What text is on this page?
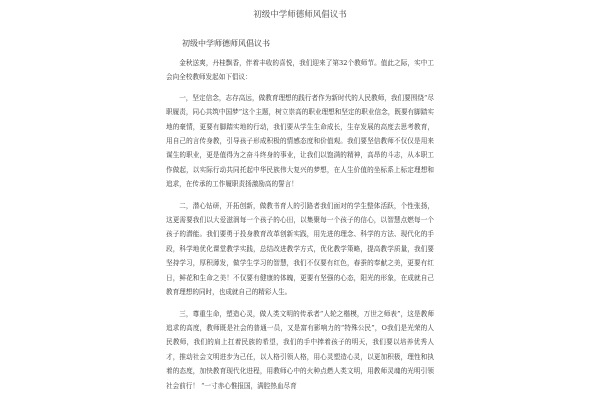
初级中学师德师风倡议书
初级中学师德师风倡议书

金秋送爽，丹桂飘香，伴着丰收的喜悦，我们迎来了第32个教师节。值此之际，实中工会向全校教师发起如下倡议：

一，坚定信念，志存高远，做教育理想的践行者作为新时代的人民教师，我们要围绕“尽职履责，同心共筑中国梦”这个主题，树立崇高的职业理想和坚定的职业信念，既要有脚踏实地的豪情，更要有脚踏实地的行动，我们要从学生生命成长，生存发展的高度去思考教育，用自己的言传身教，引导孩子形成积极的情感态度和价值观。我们要坚信教师不仅仅是用来谋生的职业，更是值得为之奋斗终身的事业，让我们以饱满的精神，高昂的斗志，从本职工作做起，以实际行动共同托起中华民族伟大复兴的梦想，在人生价值的坐标系上标定理想和追求，在传承的工作履职责扬激励高的誓言！

二，潜心钻研，开拓创新，做教书育人的引路者我们面对的学生整体活跃，个性张扬，这更需要我们以大爱滋润每一个孩子的心田，以集聚每一个孩子的信心，以智慧点燃每一个孩子的潜能。我们要勇于投身教育改革创新实践，用先进的理念、科学的方法、现代化的手段，科学地优化课堂教学实践，总结改进教学方式，优化教学策略，提高教学质量，我们要坚持学习，厚积薄发，做学生学习的智慧，我们不仅要有红色，春蚕的奉献之美，更要有红日，鲜花和生命之美！不仅要有健康的体魄，更要有坚强的心态，阳光的形象，在成就自己教育理想的同时，也成就自己的精彩人生。

三，尊重生命，塑造心灵，做人类文明的传承者“人轮之楷模，万世之师表”，这是教师追求的高度，教师既是社会的普通一员，又是富有影响力的“特殊公民”，O我们是光荣的人民教师，我们的肩上扛着民族的希望，我们的手中捧着孩子的明天，我们要以培养优秀人才，推动社会文明进步为己任，以人格引领人格，用心灵塑造心灵，以更加积极，理性和执着的态度，加快教育现代化进程，用教师心中的火种点燃人类文明，用教师灵魂的光明引领社会前行！ “一寸赤心惟报国，满腔热血尽育
